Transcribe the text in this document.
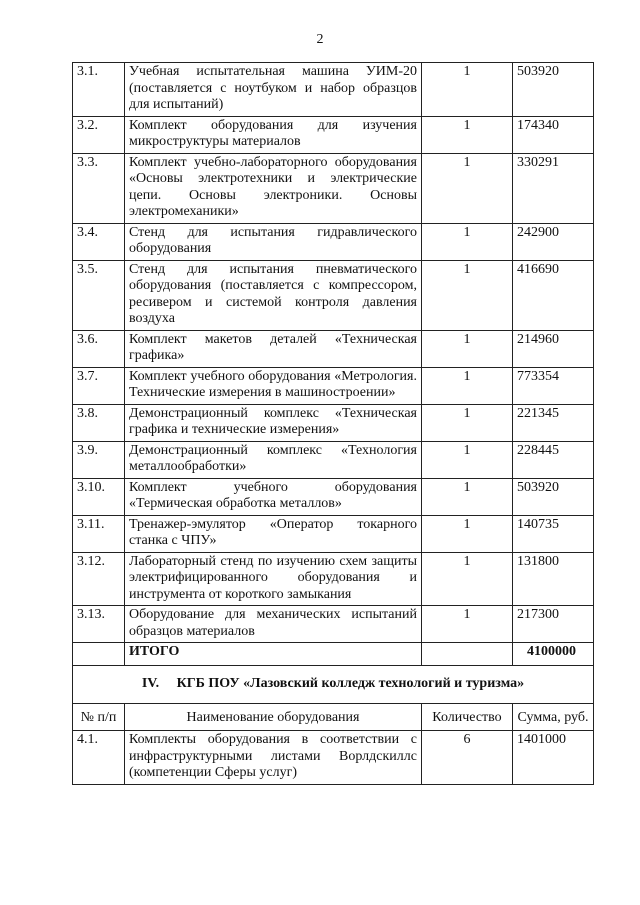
2
3.1.	Учебная испытательная машина УИМ-20 (поставляется с ноутбуком и набор образцов для испытаний)	1	503920
3.2.	Комплект оборудования для изучения микроструктуры материалов	1	174340
3.3.	Комплект учебно-лабораторного оборудования «Основы электротехники и электрические цепи. Основы электроники. Основы электромеханики»	1	330291
3.4.	Стенд для испытания гидравлического оборудования	1	242900
3.5.	Стенд для испытания пневматического оборудования (поставляется с компрессором, ресивером и системой контроля давления воздуха	1	416690
3.6.	Комплект макетов деталей «Техническая графика»	1	214960
3.7.	Комплект учебного оборудования «Метрология. Технические измерения в машиностроении»	1	773354
3.8.	Демонстрационный комплекс «Техническая графика и технические измерения»	1	221345
3.9.	Демонстрационный комплекс «Технология металлообработки»	1	228445
3.10.	Комплект учебного оборудования «Термическая обработка металлов»	1	503920
3.11.	Тренажер-эмулятор «Оператор токарного станка с ЧПУ»	1	140735
3.12.	Лабораторный стенд по изучению схем защиты электрифицированного оборудования и инструмента от короткого замыкания	1	131800
3.13.	Оборудование для механических испытаний образцов материалов	1	217300
	ИТОГО		4100000
IV.     КГБ ПОУ «Лазовский колледж технологий и туризма»			
№ п/п	Наименование оборудования	Количество	Сумма, руб.
4.1.	Комплекты оборудования в соответствии с инфраструктурными листами Ворлдскиллс (компетенции Сферы услуг)	6	1401000
